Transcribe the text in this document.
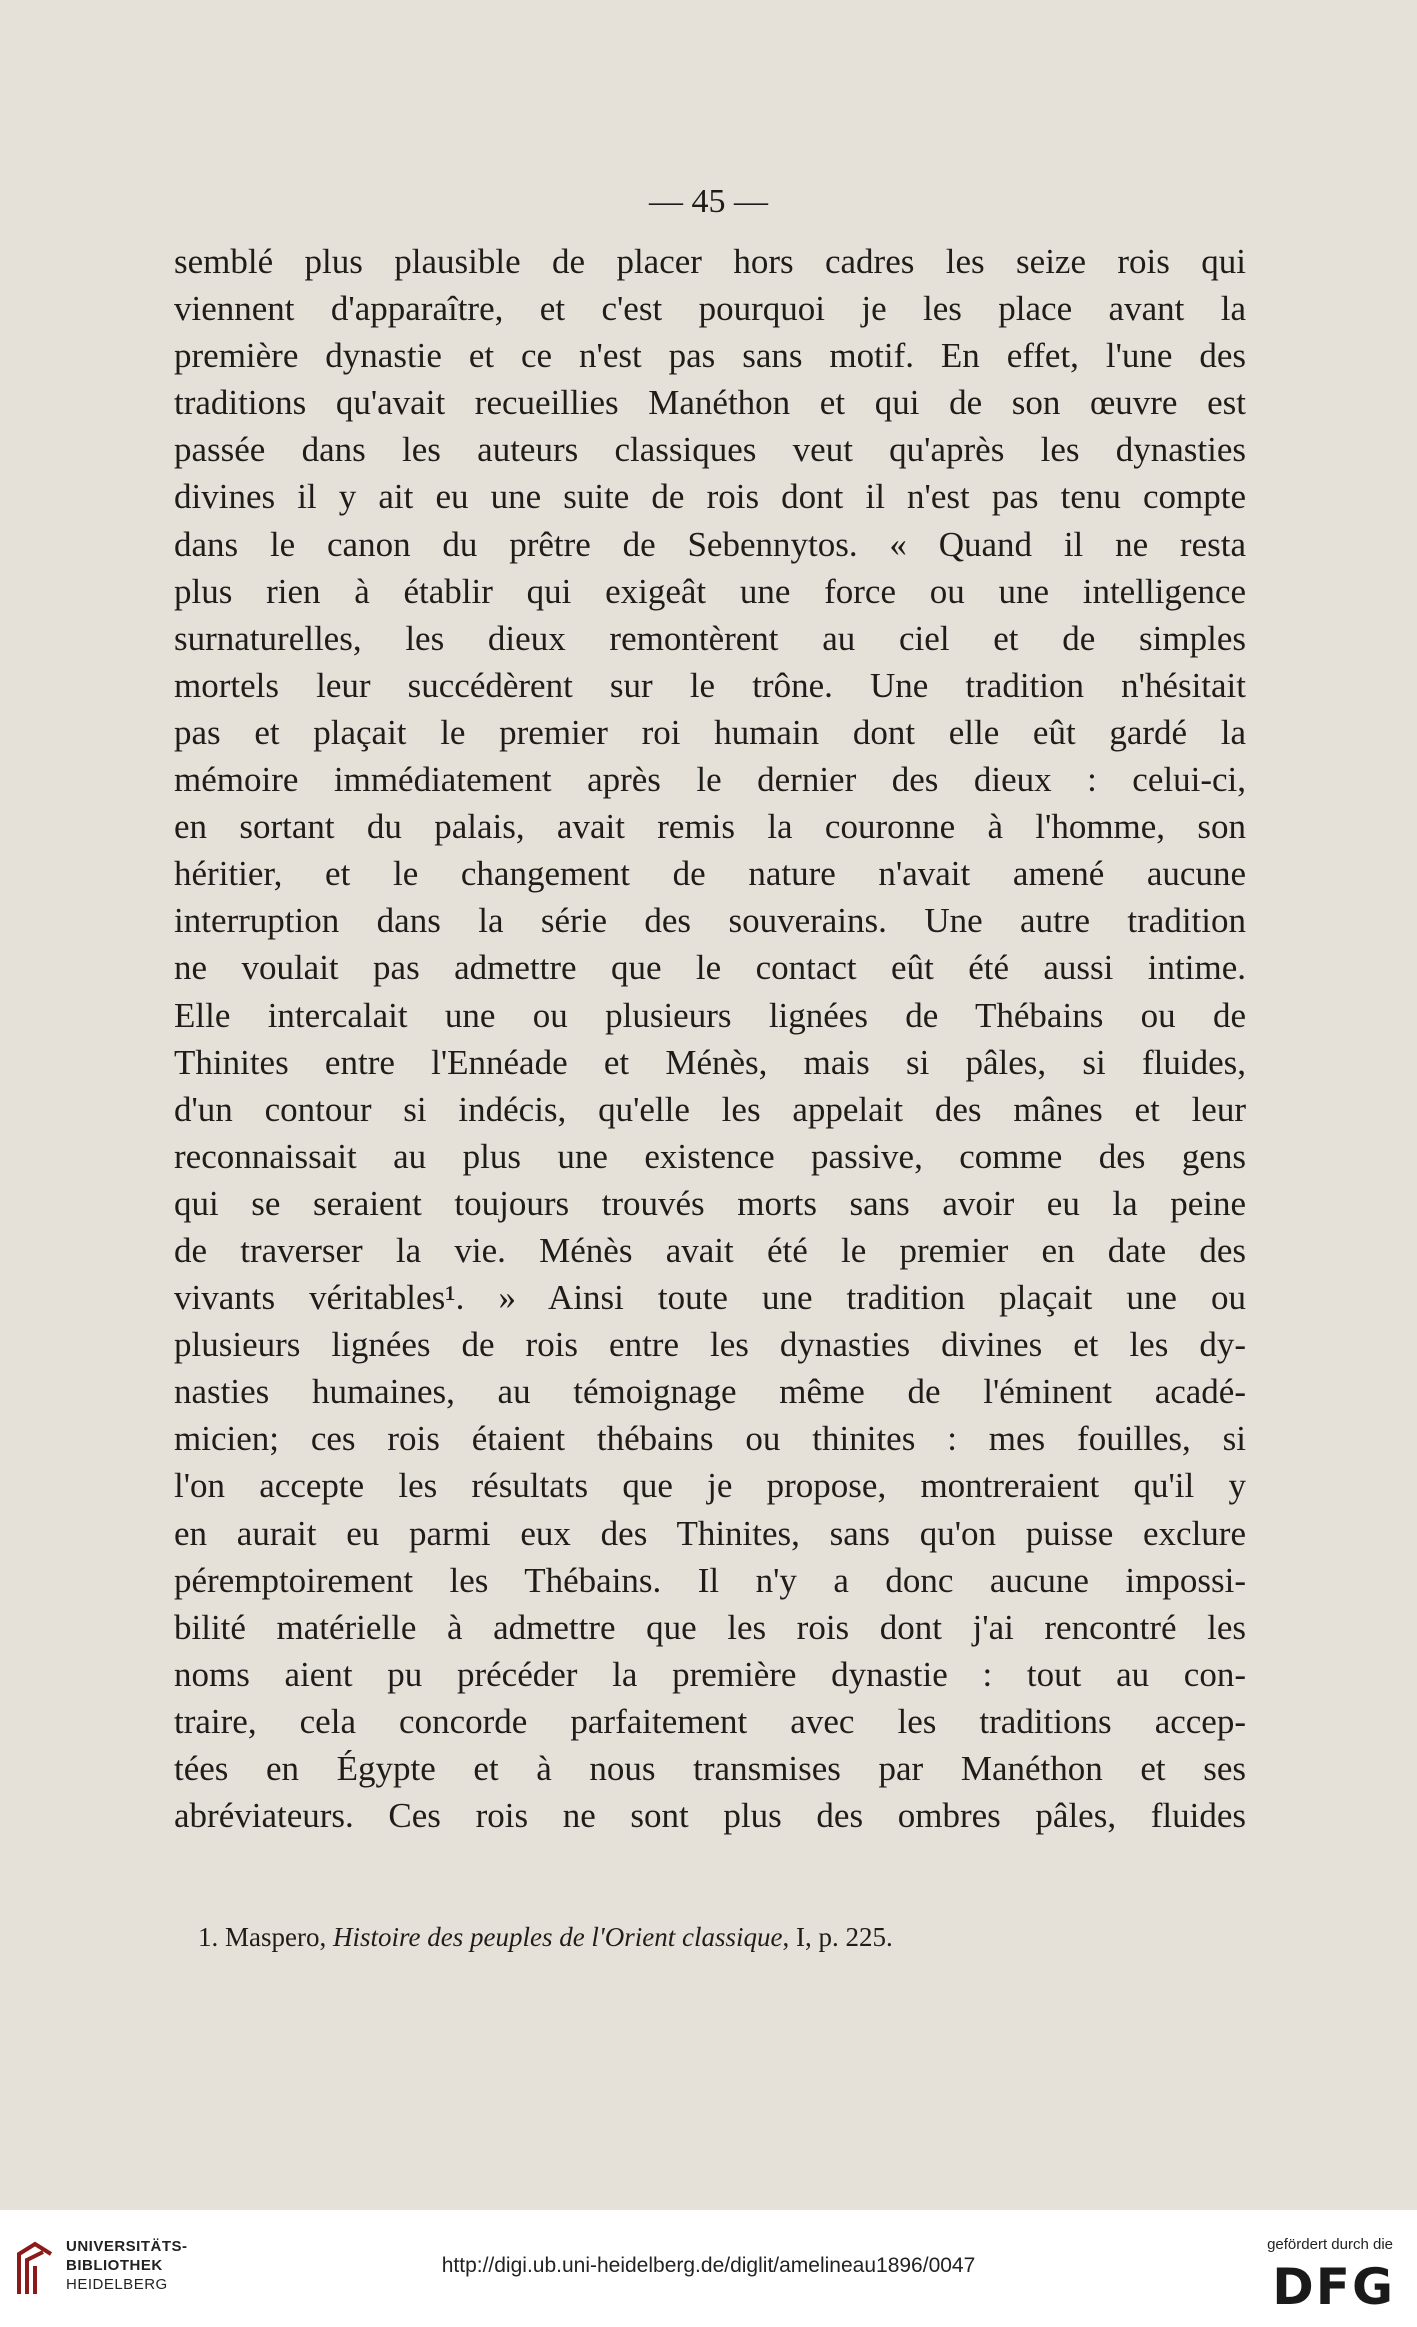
— 45 —
semblé plus plausible de placer hors cadres les seize rois qui
viennent d'apparaître, et c'est pourquoi je les place avant la
première dynastie et ce n'est pas sans motif. En effet, l'une des
traditions qu'avait recueillies Manéthon et qui de son œuvre est
passée dans les auteurs classiques veut qu'après les dynasties
divines il y ait eu une suite de rois dont il n'est pas tenu compte
dans le canon du prêtre de Sebennytos. « Quand il ne resta
plus rien à établir qui exigeât une force ou une intelligence
surnaturelles, les dieux remontèrent au ciel et de simples
mortels leur succédèrent sur le trône. Une tradition n'hésitait
pas et plaçait le premier roi humain dont elle eût gardé la
mémoire immédiatement après le dernier des dieux : celui-ci,
en sortant du palais, avait remis la couronne à l'homme, son
héritier, et le changement de nature n'avait amené aucune
interruption dans la série des souverains. Une autre tradition
ne voulait pas admettre que le contact eût été aussi intime.
Elle intercalait une ou plusieurs lignées de Thébains ou de
Thinites entre l'Ennéade et Ménès, mais si pâles, si fluides,
d'un contour si indécis, qu'elle les appelait des mânes et leur
reconnaissait au plus une existence passive, comme des gens
qui se seraient toujours trouvés morts sans avoir eu la peine
de traverser la vie. Ménès avait été le premier en date des
vivants véritables¹. » Ainsi toute une tradition plaçait une ou
plusieurs lignées de rois entre les dynasties divines et les dy-
nasties humaines, au témoignage même de l'éminent acadé-
micien; ces rois étaient thébains ou thinites : mes fouilles, si
l'on accepte les résultats que je propose, montreraient qu'il y
en aurait eu parmi eux des Thinites, sans qu'on puisse exclure
péremptoirement les Thébains. Il n'y a donc aucune impossi-
bilité matérielle à admettre que les rois dont j'ai rencontré les
noms aient pu précéder la première dynastie : tout au con-
traire, cela concorde parfaitement avec les traditions accep-
tées en Égypte et à nous transmises par Manéthon et ses
abréviateurs. Ces rois ne sont plus des ombres pâles, fluides
1. Maspero, Histoire des peuples de l'Orient classique, I, p. 225.
UNIVERSITÄTS-
BIBLIOTHEK
HEIDELBERG
http://digi.ub.uni-heidelberg.de/diglit/amelineau1896/0047
gefördert durch die
DFG
